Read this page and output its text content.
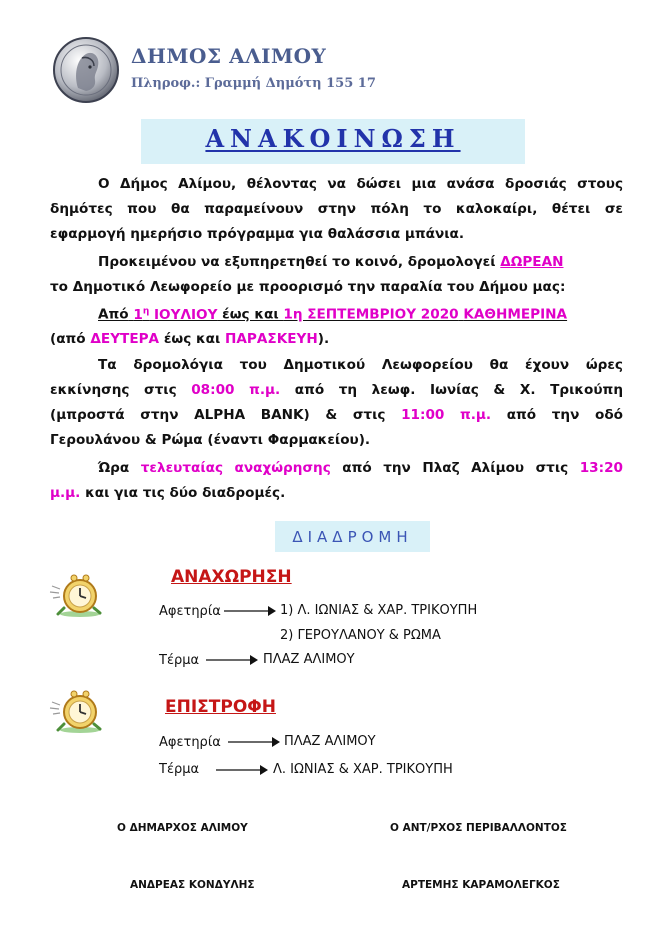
ΔΗΜΟΣ ΑΛΙΜΟΥ
Πληροφ.: Γραμμή Δημότη 155 17
ΑΝΑΚΟΙΝΩΣΗ
Ο Δήμος Αλίμου, θέλοντας να δώσει μια ανάσα δροσιάς στους
δημότες που θα παραμείνουν στην πόλη το καλοκαίρι, θέτει σε
εφαρμογή ημερήσιο πρόγραμμα για θαλάσσια μπάνια.
Προκειμένου να εξυπηρετηθεί το κοινό, δρομολογεί ΔΩΡΕΑΝ
το Δημοτικό Λεωφορείο με προορισμό την παραλία του Δήμου μας:
Από $1^\eta$ ΙΟΥΛΙΟΥ έως και 1η ΣΕΠΤΕΜΒΡΙΟΥ 2020 ΚΑΘΗΜΕΡΙΝΑ
(από ΔΕΥΤΕΡΑ έως και ΠΑΡΑΣΚΕΥΗ).
Τα δρομολόγια του Δημοτικού Λεωφορείου θα έχουν ώρες
εκκίνησης στις 08:00 π.μ. από τη λεωφ. Ιωνίας & Χ. Τρικούπη
(μπροστά στην ALPHA BANK) & στις 11:00 π.μ. από την οδό
Γερουλάνου & Ρώμα (έναντι Φαρμακείου).
Ώρα τελευταίας αναχώρησης από την Πλαζ Αλίμου στις 13:20
μ.μ. και για τις δύο διαδρομές.
ΔΙΑΔΡΟΜΗ
ΑΝΑΧΩΡΗΣΗ
Αφετηρία	1) Λ. ΙΩΝΙΑΣ & ΧΑΡ. ΤΡΙΚΟΥΠΗ
2) ΓΕΡΟΥΛΑΝΟΥ & ΡΩΜΑ
Τέρμα	ΠΛΑΖ ΑΛΙΜΟΥ
ΕΠΙΣΤΡΟΦΗ
Αφετηρία	ΠΛΑΖ ΑΛΙΜΟΥ
Τέρμα	Λ. ΙΩΝΙΑΣ & ΧΑΡ. ΤΡΙΚΟΥΠΗ
Ο ΔΗΜΑΡΧΟΣ ΑΛΙΜΟΥ	Ο ΑΝΤ/ΡΧΟΣ ΠΕΡΙΒΑΛΛΟΝΤΟΣ
ΑΝΔΡΕΑΣ ΚΟΝΔΥΛΗΣ	ΑΡΤΕΜΗΣ ΚΑΡΑΜΟΛΕΓΚΟΣ
